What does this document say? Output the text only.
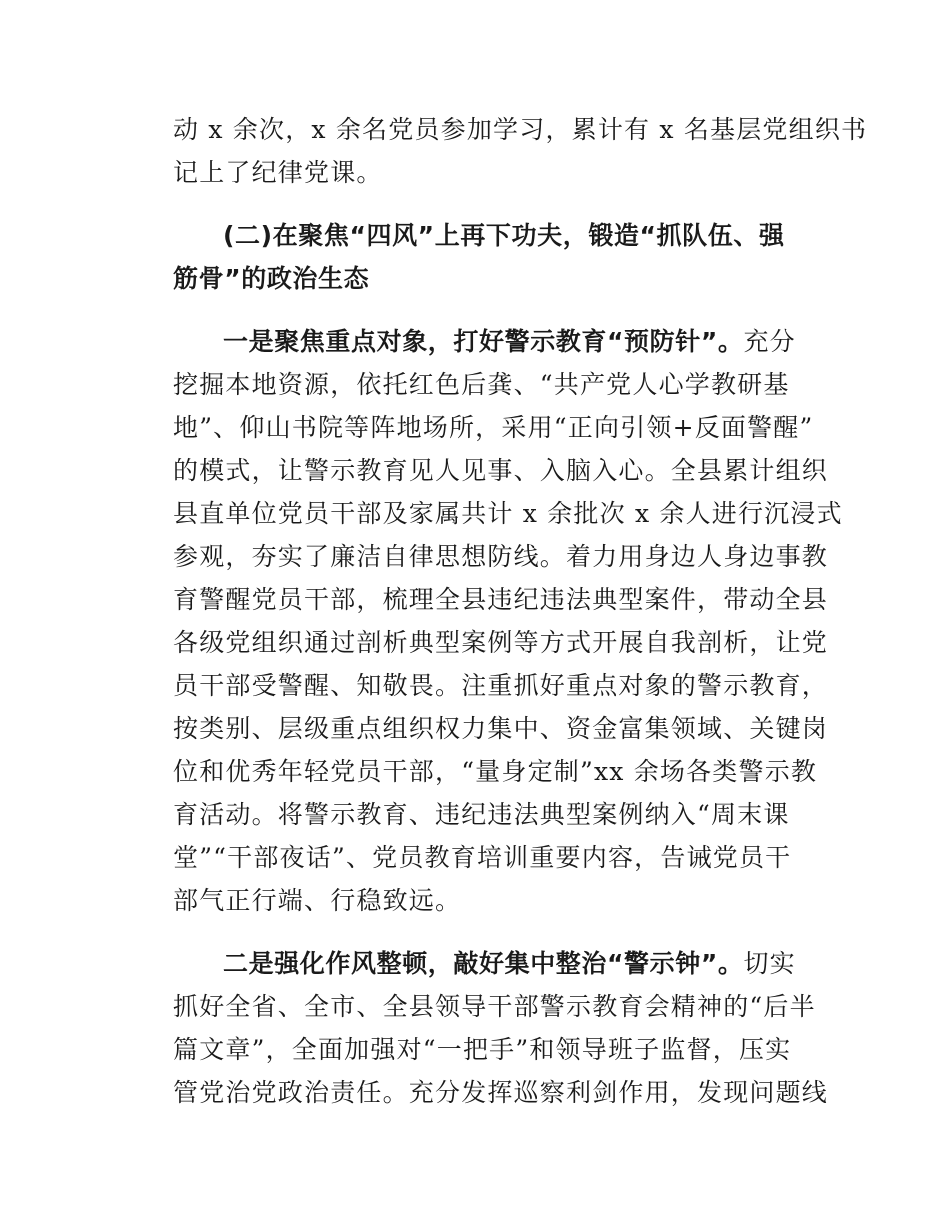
动 x 余次，x 余名党员参加学习，累计有 x 名基层党组织书
记上了纪律党课。
(二)在聚焦“四风”上再下功夫，锻造“抓队伍、强
筋骨”的政治生态
一是聚焦重点对象，打好警示教育“预防针”。充分
挖掘本地资源，依托红色后龚、“共产党人心学教研基
地”、仰山书院等阵地场所，采用“正向引领+反面警醒”
的模式，让警示教育见人见事、入脑入心。全县累计组织
县直单位党员干部及家属共计 x 余批次 x 余人进行沉浸式
参观，夯实了廉洁自律思想防线。着力用身边人身边事教
育警醒党员干部，梳理全县违纪违法典型案件，带动全县
各级党组织通过剖析典型案例等方式开展自我剖析，让党
员干部受警醒、知敬畏。注重抓好重点对象的警示教育，
按类别、层级重点组织权力集中、资金富集领域、关键岗
位和优秀年轻党员干部，“量身定制”xx 余场各类警示教
育活动。将警示教育、违纪违法典型案例纳入“周末课
堂”“干部夜话”、党员教育培训重要内容，告诫党员干
部气正行端、行稳致远。
二是强化作风整顿，敲好集中整治“警示钟”。切实
抓好全省、全市、全县领导干部警示教育会精神的“后半
篇文章”，全面加强对“一把手”和领导班子监督，压实
管党治党政治责任。充分发挥巡察利剑作用，发现问题线
